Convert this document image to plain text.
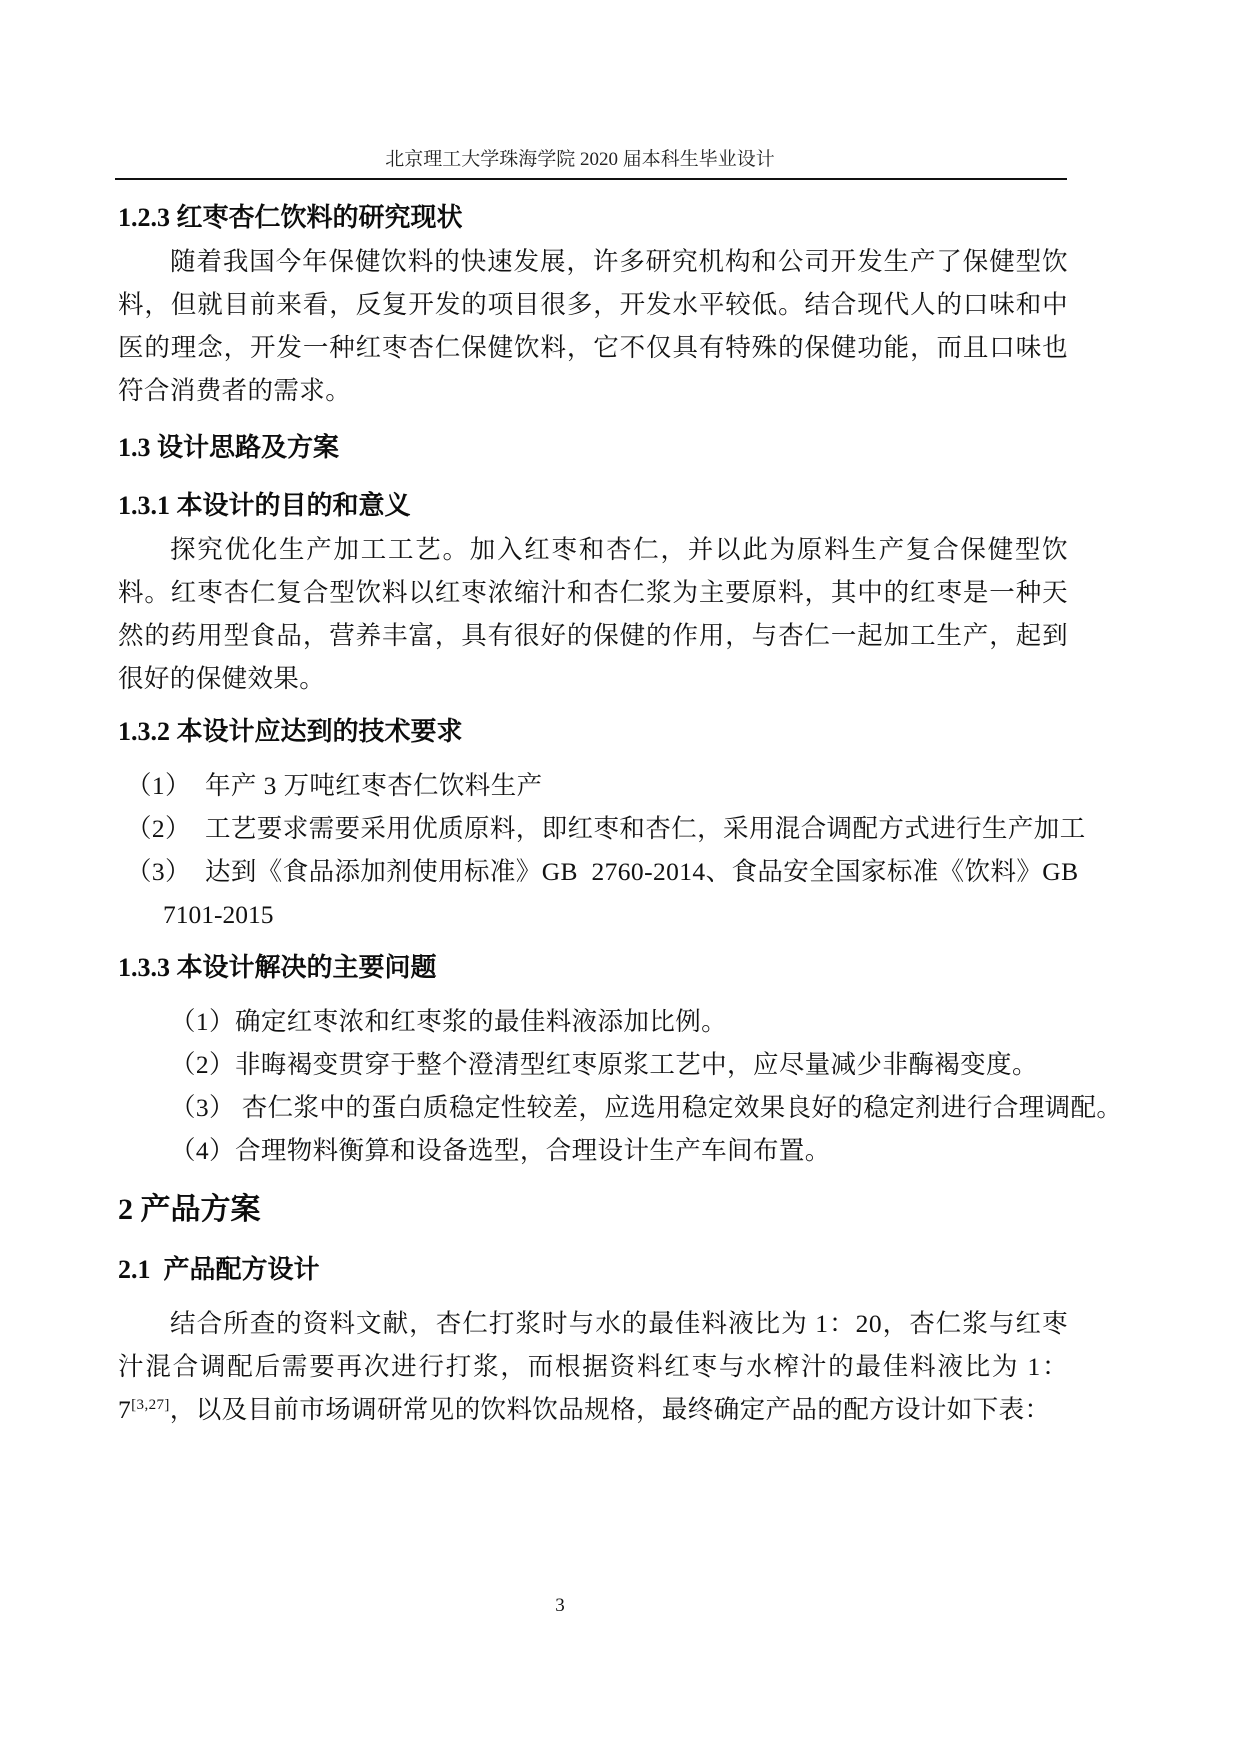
北京理工大学珠海学院 2020 届本科生毕业设计
1.2.3 红枣杏仁饮料的研究现状

随着我国今年保健饮料的快速发展，许多研究机构和公司开发生产了保健型饮料，但就目前来看，反复开发的项目很多，开发水平较低。结合现代人的口味和中医的理念，开发一种红枣杏仁保健饮料，它不仅具有特殊的保健功能，而且口味也符合消费者的需求。

1.3 设计思路及方案
1.3.1 本设计的目的和意义

探究优化生产加工工艺。加入红枣和杏仁，并以此为原料生产复合保健型饮料。红枣杏仁复合型饮料以红枣浓缩汁和杏仁浆为主要原料，其中的红枣是一种天然的药用型食品，营养丰富，具有很好的保健的作用，与杏仁一起加工生产，起到很好的保健效果。

1.3.2 本设计应达到的技术要求
（1） 年产 3 万吨红枣杏仁饮料生产
（2） 工艺要求需要采用优质原料，即红枣和杏仁，采用混合调配方式进行生产加工
（3） 达到《食品添加剂使用标准》GB  2760-2014、食品安全国家标准《饮料》GB
7101-2015
1.3.3 本设计解决的主要问题
（1）确定红枣浓和红枣浆的最佳料液添加比例。
（2）非晦褐变贯穿于整个澄清型红枣原浆工艺中，应尽量减少非酶褐变度。
（3） 杏仁浆中的蛋白质稳定性较差，应选用稳定效果良好的稳定剂进行合理调配。
（4）合理物料衡算和设备选型，合理设计生产车间布置。
2 产品方案
2.1  产品配方设计

结合所查的资料文献，杏仁打浆时与水的最佳料液比为 1：20，杏仁浆与红枣汁混合调配后需要再次进行打浆，而根据资料红枣与水榨汁的最佳料液比为 1：7[3,27]，以及目前市场调研常见的饮料饮品规格，最终确定产品的配方设计如下表：

3
